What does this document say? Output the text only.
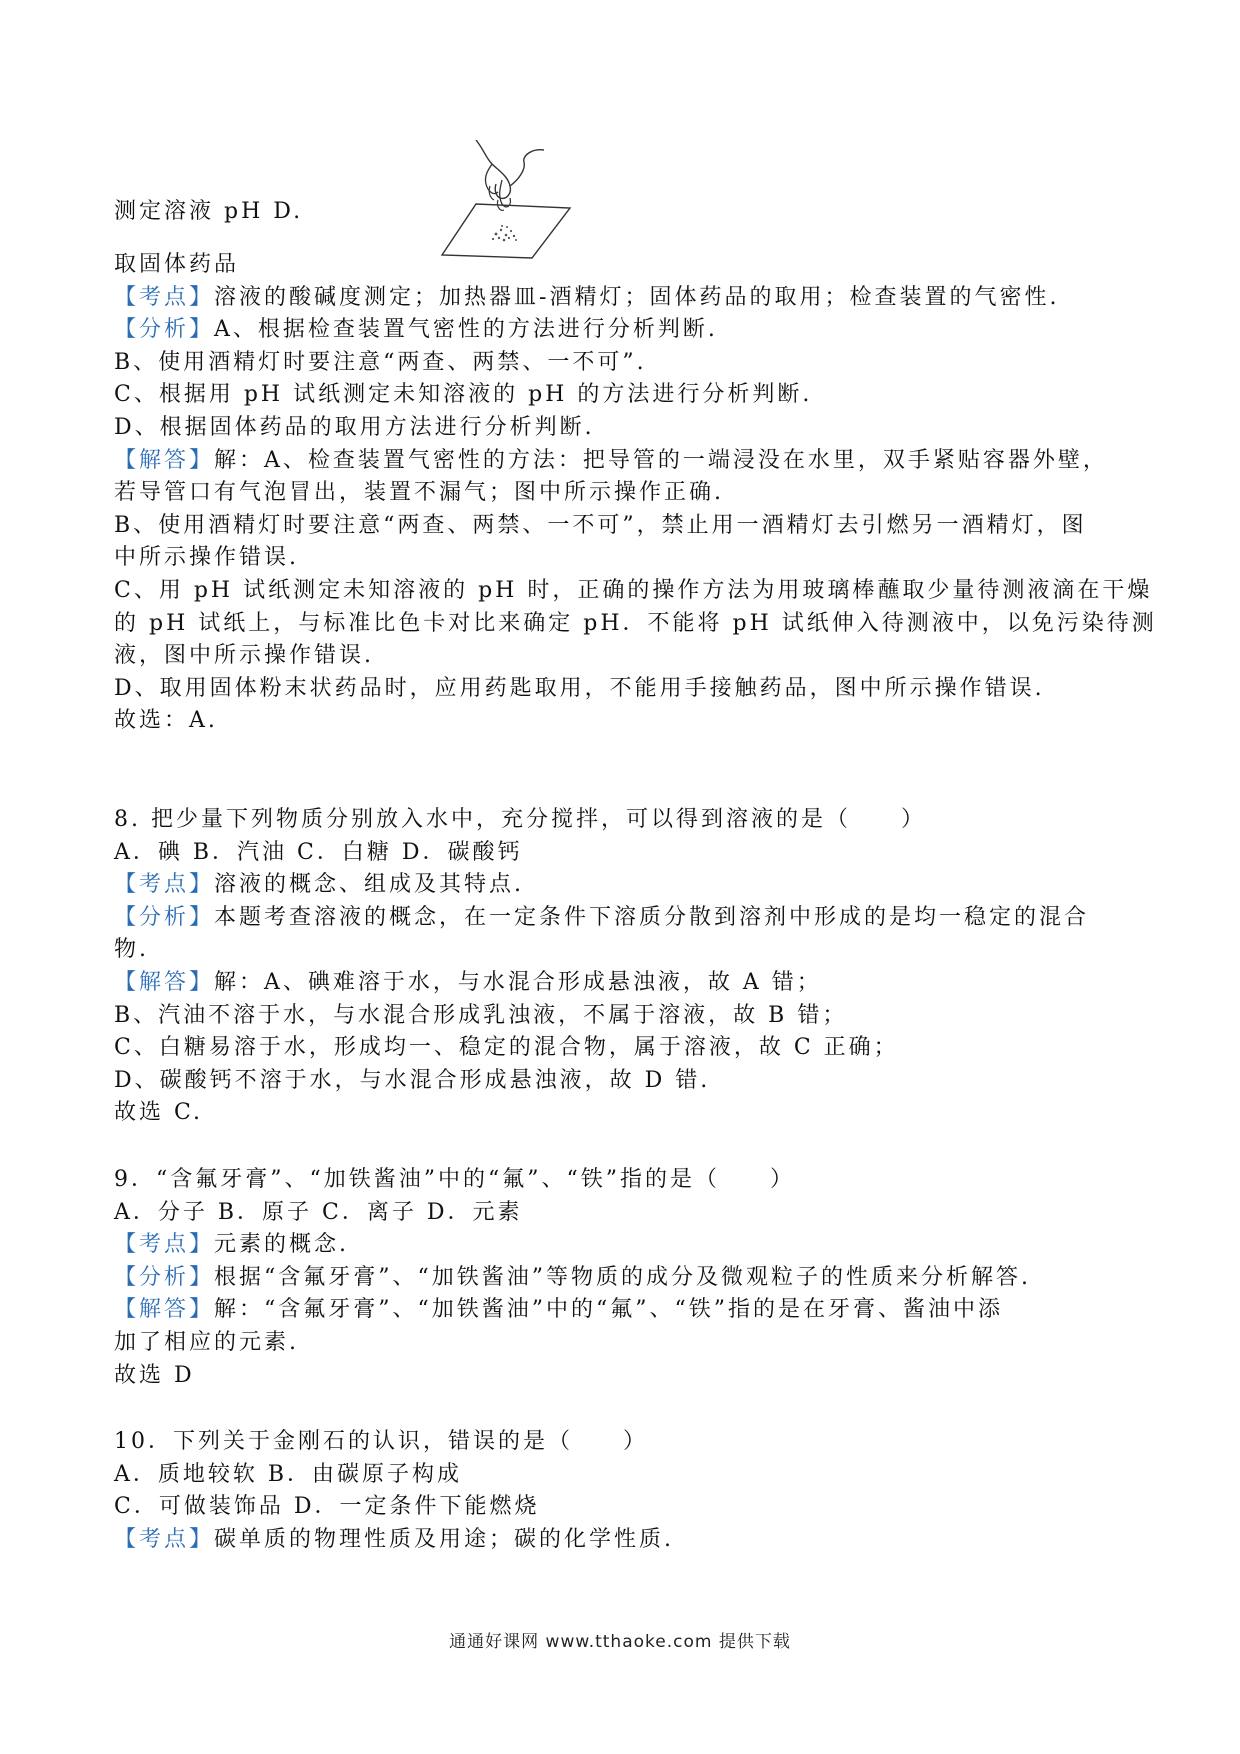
测定溶液 pH D.
取固体药品
【考点】溶液的酸碱度测定；加热器皿-酒精灯；固体药品的取用；检查装置的气密性.
【分析】A、根据检查装置气密性的方法进行分析判断.
B、使用酒精灯时要注意“两查、两禁、一不可”.
C、根据用 pH 试纸测定未知溶液的 pH 的方法进行分析判断.
D、根据固体药品的取用方法进行分析判断.
【解答】解：A、检查装置气密性的方法：把导管的一端浸没在水里，双手紧贴容器外壁，
若导管口有气泡冒出，装置不漏气；图中所示操作正确.
B、使用酒精灯时要注意“两查、两禁、一不可”，禁止用一酒精灯去引燃另一酒精灯，图
中所示操作错误.
C、用 pH 试纸测定未知溶液的 pH 时，正确的操作方法为用玻璃棒蘸取少量待测液滴在干燥
的 pH 试纸上，与标准比色卡对比来确定 pH．不能将 pH 试纸伸入待测液中，以免污染待测
液，图中所示操作错误.
D、取用固体粉末状药品时，应用药匙取用，不能用手接触药品，图中所示操作错误.
故选：A.
8. 把少量下列物质分别放入水中，充分搅拌，可以得到溶液的是（　　）
A．碘 B．汽油 C．白糖 D．碳酸钙
【考点】溶液的概念、组成及其特点.
【分析】本题考查溶液的概念，在一定条件下溶质分散到溶剂中形成的是均一稳定的混合
物.
【解答】解：A、碘难溶于水，与水混合形成悬浊液，故 A 错；
B、汽油不溶于水，与水混合形成乳浊液，不属于溶液，故 B 错；
C、白糖易溶于水，形成均一、稳定的混合物，属于溶液，故 C 正确；
D、碳酸钙不溶于水，与水混合形成悬浊液，故 D 错.
故选 C.
9．“含氟牙膏”、“加铁酱油”中的“氟”、“铁”指的是（　　）
A．分子 B．原子 C．离子 D．元素
【考点】元素的概念.
【分析】根据“含氟牙膏”、“加铁酱油”等物质的成分及微观粒子的性质来分析解答.
【解答】解：“含氟牙膏”、“加铁酱油”中的“氟”、“铁”指的是在牙膏、酱油中添
加了相应的元素.
故选 D
10．下列关于金刚石的认识，错误的是（　　）
A．质地较软 B．由碳原子构成
C．可做装饰品 D．一定条件下能燃烧
【考点】碳单质的物理性质及用途；碳的化学性质.
通通好课网 www.tthaoke.com 提供下载
